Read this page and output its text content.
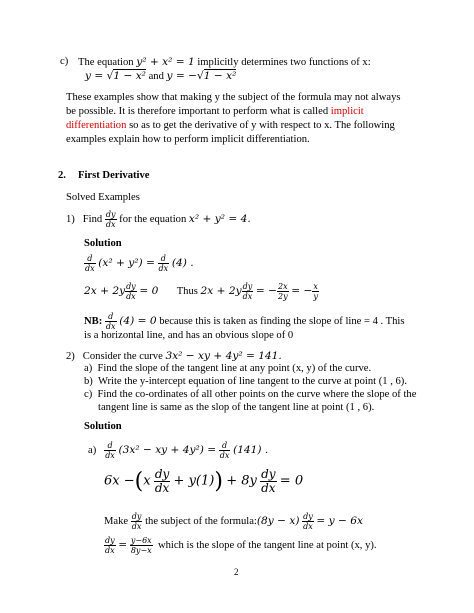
c) The equation y² + x² = 1 implicitly determines two functions of x:
y = √1 − x² and y = −√1 − x²
These examples show that making y the subject of the formula may not always
be possible. It is therefore important to perform what is called implicit
differentiation so as to get the derivative of y with respect to x. The following
examples explain how to perform implicit differentiation.
2. First Derivative
Solved Examples
1) Find $\frac{dy}{dx}$ for the equation x² + y² = 4.
Solution
$\frac{d}{dx} (x^2 + y^2) = \frac{d}{dx} (4)$ .
$2x + 2y \frac{dy}{dx} = 0$ Thus $2x + 2y \frac{dy}{dx}$ = − $\frac{2x}{2y}$ = − $\frac{x}{y}$
NB: $\frac{d}{dx} (4) = 0$ because this is taken as finding the slope of line = 4 . This
is a horizontal line, and has an obvious slope of 0
2) Consider the curve 3x² − xy + 4y² = 141.
a) Find the slope of the tangent line at any point (x, y) of the curve.
b) Write the y-intercept equation of line tangent to the curve at point (1 , 6).
c) Find the co-ordinates of all other points on the curve where the slope of the
tangent line is same as the slop of the tangent line at point (1 , 6).
Solution
$a) \frac{d}{dx} (3x^2$ − xy + $4y^2) = \frac{d}{dx} (141)$ .
$6x -(x \frac{dy}{dx} + y(1)) + 8y \frac{dy}{dx} = 0$
Make $\frac{dy}{dx}$ the subject of the formula:(8y − $x) \frac{dy}{dx} = y - 6x$
$\frac{dy}{dx} = \frac{y-6x}{8y-x}$ which is the slope of the tangent line at point (x, y).
2
